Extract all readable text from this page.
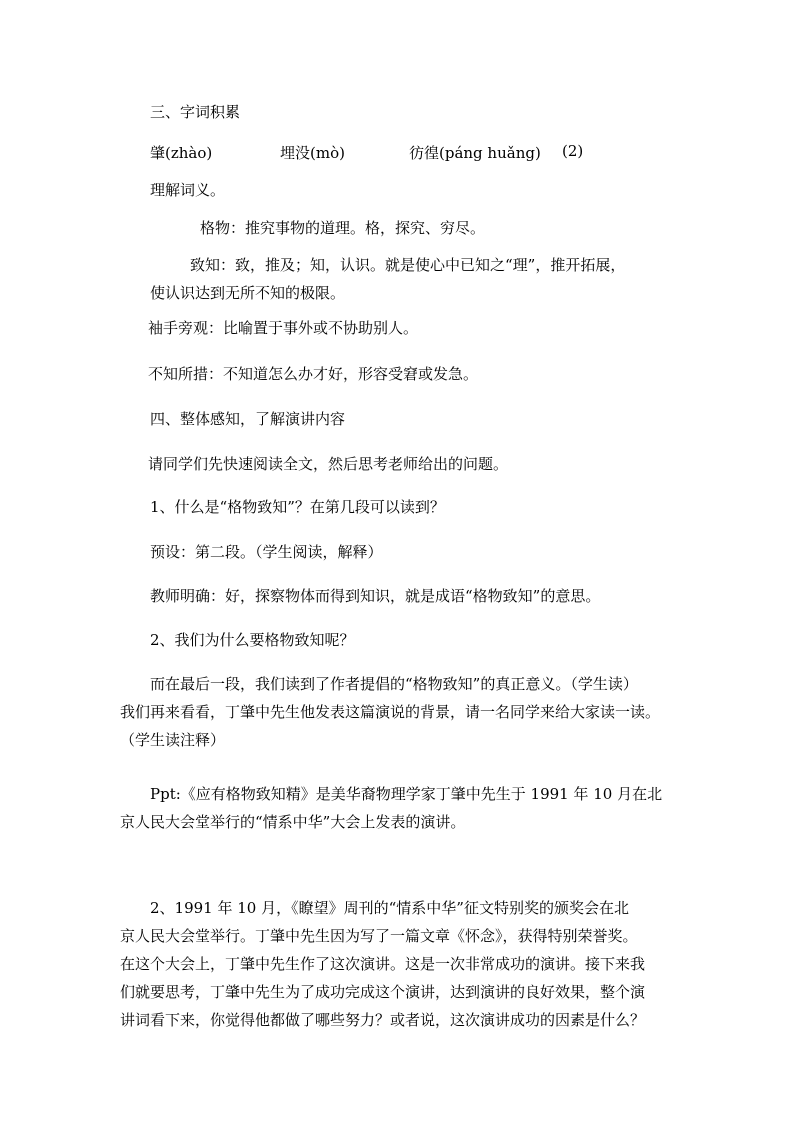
三、字词积累
肇(zhào)	埋没(mò)	彷徨(páng huǎng) (2)
理解词义。
格物：推究事物的道理。格，探究、穷尽。

致知：致，推及；知，认识。就是使心中已知之“理”，推开拓展，

使认识达到无所不知的极限。

袖手旁观：比喻置于事外或不协助别人。
不知所措：不知道怎么办才好，形容受窘或发急。
四、整体感知，了解演讲内容
请同学们先快速阅读全文，然后思考老师给出的问题。
1、什么是“格物致知”？在第几段可以读到？
预设：第二段。（学生阅读，解释）
教师明确：好，探察物体而得到知识，就是成语“格物致知”的意思。
2、我们为什么要格物致知呢？

而在最后一段，我们读到了作者提倡的“格物致知”的真正意义。（学生读）

我们再来看看，丁肇中先生他发表这篇演说的背景，请一名同学来给大家读一读。

（学生读注释）

Ppt:《应有格物致知精》是美华裔物理学家丁肇中先生于 1991 年 10 月在北

京人民大会堂举行的“情系中华”大会上发表的演讲。

2、1991 年 10 月，《瞭望》周刊的“情系中华”征文特别奖的颁奖会在北

京人民大会堂举行。丁肇中先生因为写了一篇文章《怀念》，获得特别荣誉奖。

在这个大会上，丁肇中先生作了这次演讲。这是一次非常成功的演讲。接下来我

们就要思考，丁肇中先生为了成功完成这个演讲，达到演讲的良好效果，整个演

讲词看下来，你觉得他都做了哪些努力？或者说，这次演讲成功的因素是什么？
